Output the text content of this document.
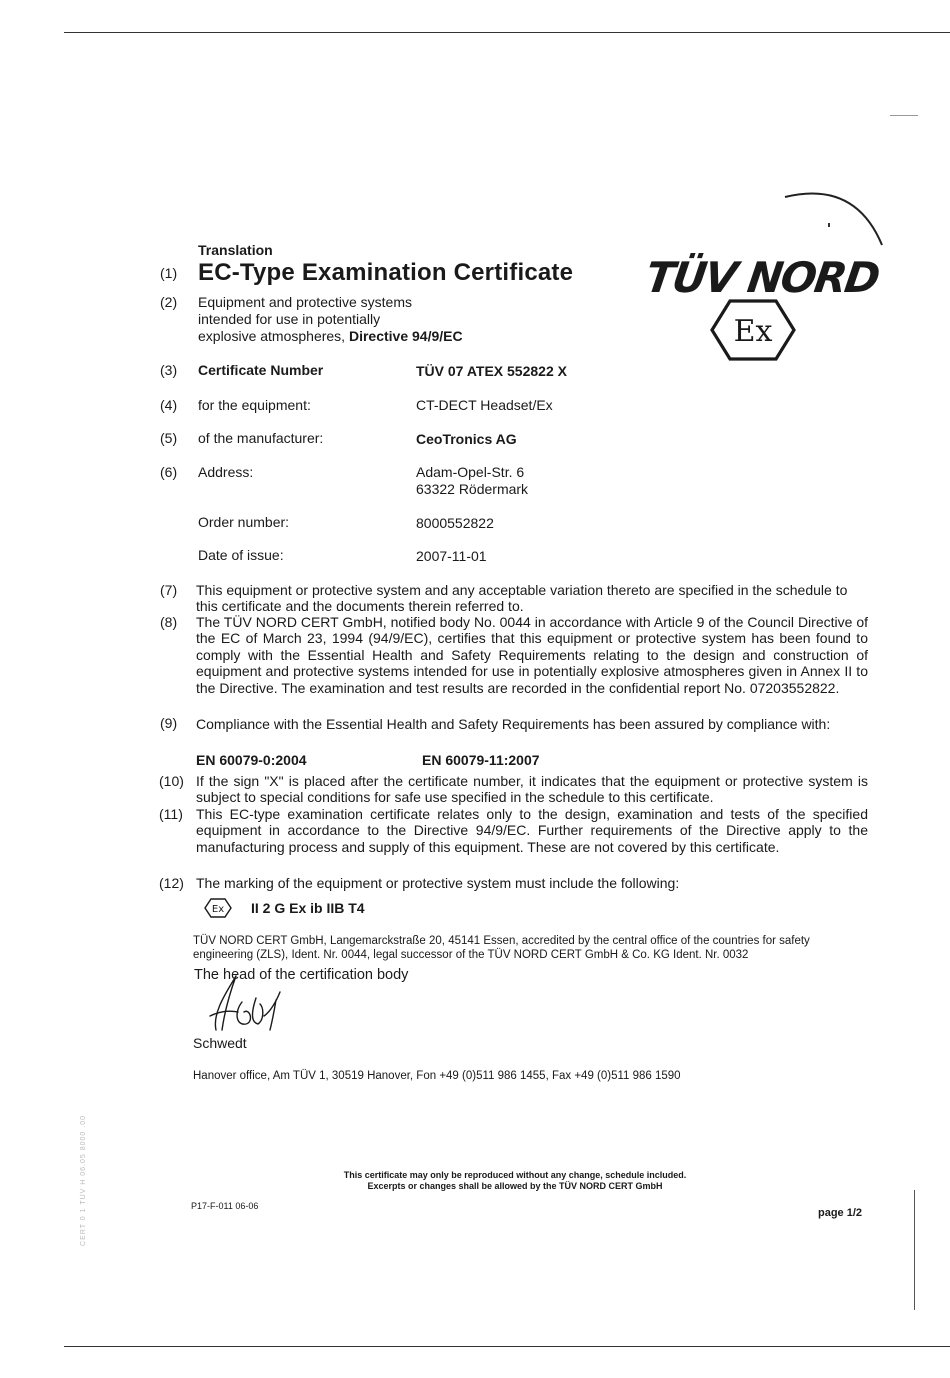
TÜV NORD
Ex
Translation
(1) EC-Type Examination Certificate
(2)	Equipment and protective systems
intended for use in potentially
explosive atmospheres, Directive 94/9/EC
(3)	Certificate Number	TÜV 07 ATEX 552822 X
(4)	for the equipment:	CT-DECT Headset/Ex
(5)	of the manufacturer:	CeoTronics AG
(6)	Address:	Adam-Opel-Str. 6
63322 Rödermark
Order number:	8000552822
Date of issue:	2007-11-01
(7)	This equipment or protective system and any acceptable variation thereto are specified in the schedule to this certificate and the documents therein referred to.
(8)	The TÜV NORD CERT GmbH, notified body No. 0044 in accordance with Article 9 of the Council Directive of the EC of March 23, 1994 (94/9/EC), certifies that this equipment or protective system has been found to comply with the Essential Health and Safety Requirements relating to the design and construction of equipment and protective systems intended for use in potentially explosive atmospheres given in Annex II to the Directive. The examination and test results are recorded in the confidential report No. 07203552822.
(9)	Compliance with the Essential Health and Safety Requirements has been assured by compliance with:
EN 60079-0:2004	EN 60079-11:2007
(10) If the sign "X" is placed after the certificate number, it indicates that the equipment or protective system is subject to special conditions for safe use specified in the schedule to this certificate.
(11) This EC-type examination certificate relates only to the design, examination and tests of the specified equipment in accordance to the Directive 94/9/EC. Further requirements of the Directive apply to the manufacturing process and supply of this equipment. These are not covered by this certificate.
(12) The marking of the equipment or protective system must include the following:
Ex II 2 G Ex ib IIB T4
TÜV NORD CERT GmbH, Langemarckstraße 20, 45141 Essen, accredited by the central office of the countries for safety engineering (ZLS), Ident. Nr. 0044, legal successor of the TÜV NORD CERT GmbH & Co. KG Ident. Nr. 0032
The head of the certification body
Schwedt
Hanover office, Am TÜV 1, 30519 Hanover, Fon +49 (0)511 986 1455, Fax +49 (0)511 986 1590
This certificate may only be reproduced without any change, schedule included.
Excerpts or changes shall be allowed by the TÜV NORD CERT GmbH
P17-F-011 06-06
page 1/2
CERT 0 1 TÜV H 06.05 8000 .00
